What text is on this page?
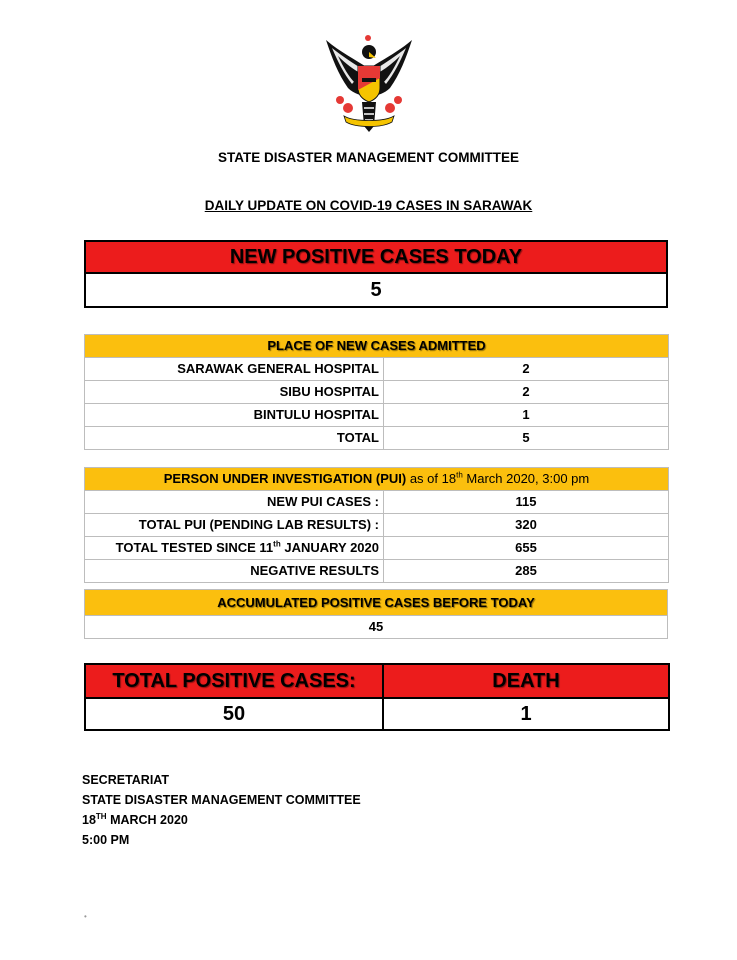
STATE DISASTER MANAGEMENT COMMITTEE
DAILY UPDATE ON COVID-19 CASES IN SARAWAK
NEW POSITIVE CASES TODAY
5
PLACE OF NEW CASES ADMITTED	
SARAWAK GENERAL HOSPITAL	2
SIBU HOSPITAL	2
BINTULU HOSPITAL	1
TOTAL	5
PERSON UNDER INVESTIGATION (PUI) as of 18th March 2020, 3:00 pm	
NEW PUI CASES :	115
TOTAL PUI (PENDING LAB RESULTS) :	320
TOTAL TESTED SINCE 11th JANUARY 2020	655
NEGATIVE RESULTS	285
ACCUMULATED POSITIVE CASES BEFORE TODAY
45
TOTAL POSITIVE CASES:	DEATH
50	1
SECRETARIAT
STATE DISASTER MANAGEMENT COMMITTEE
18TH MARCH 2020
5:00 PM
•
